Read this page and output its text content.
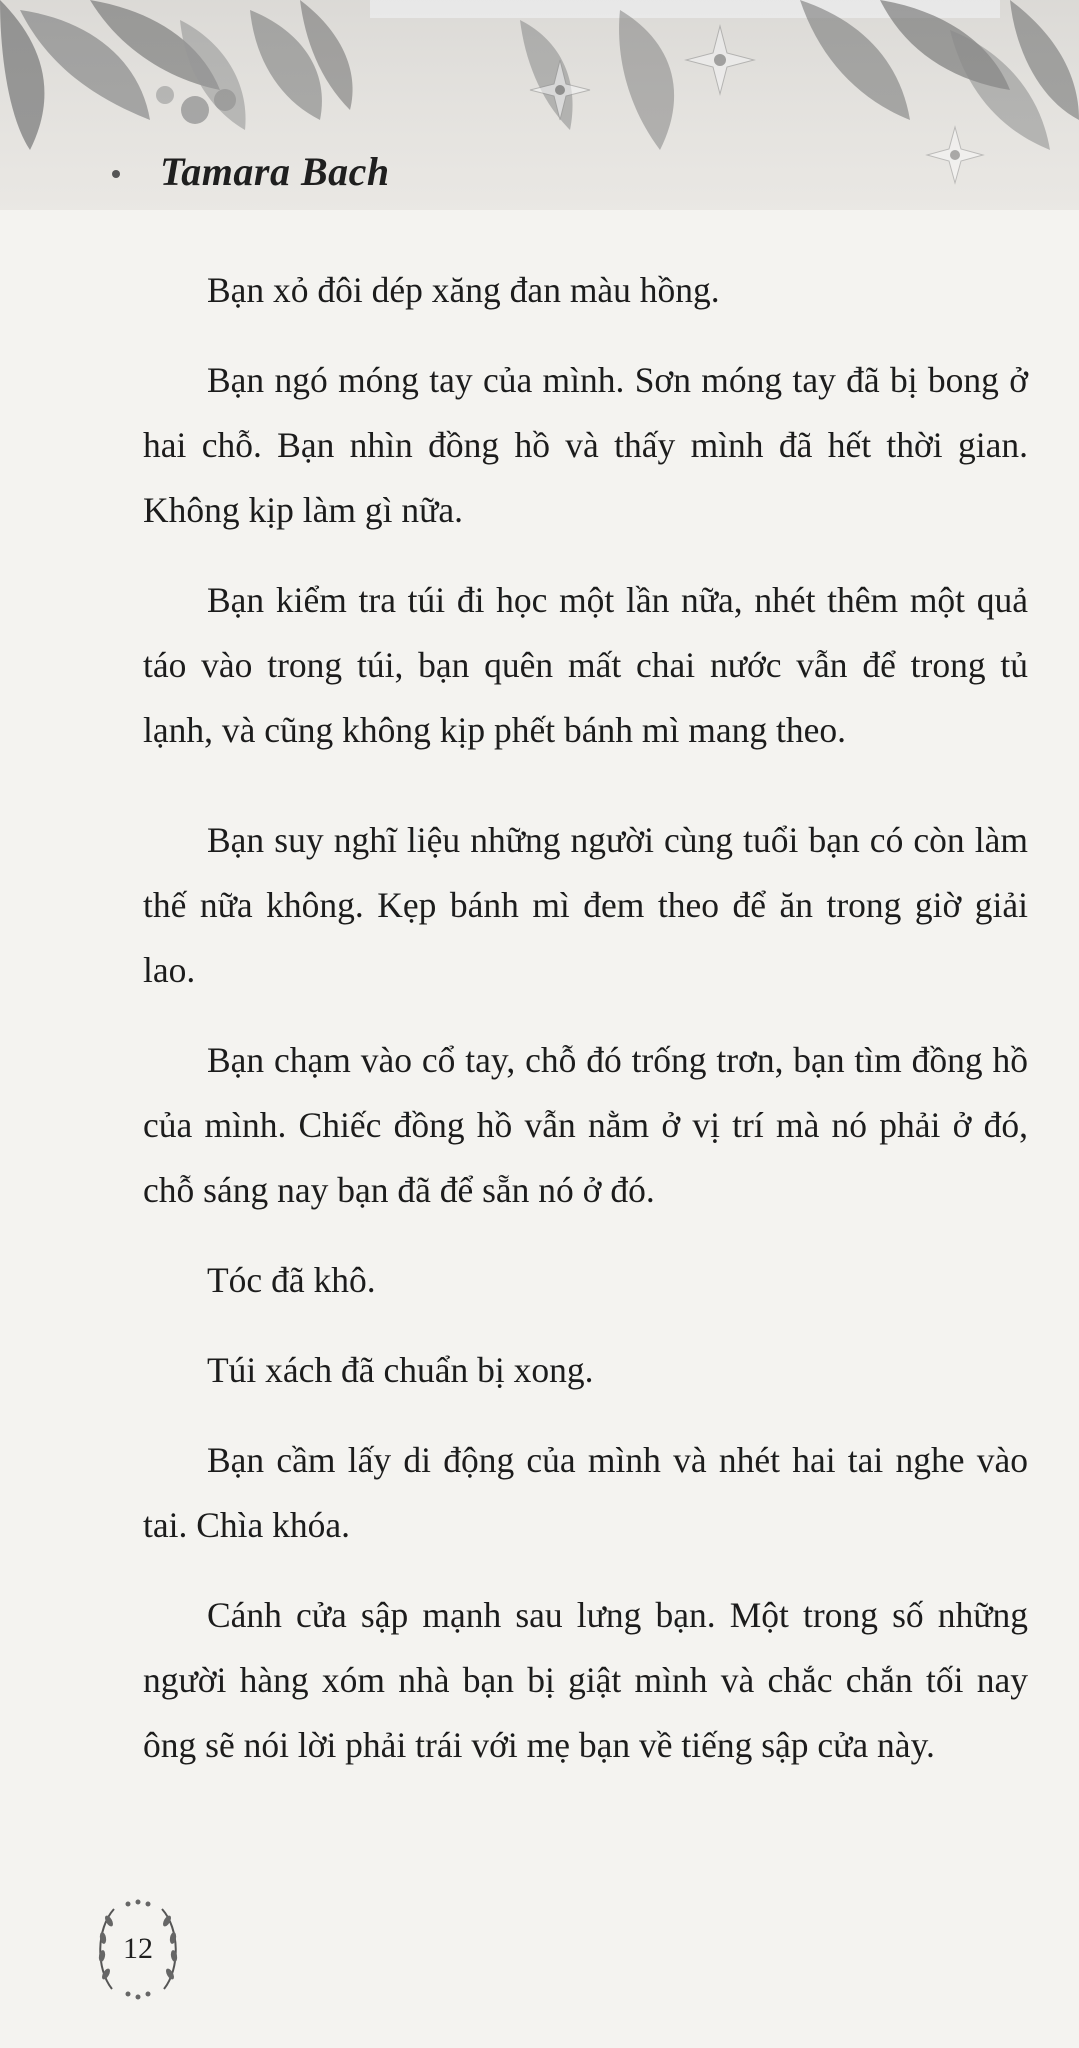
Tamara Bach

Bạn xỏ đôi dép xăng đan màu hồng.

Bạn ngó móng tay của mình. Sơn móng tay đã bị bong ở hai chỗ. Bạn nhìn đồng hồ và thấy mình đã hết thời gian. Không kịp làm gì nữa.

Bạn kiểm tra túi đi học một lần nữa, nhét thêm một quả táo vào trong túi, bạn quên mất chai nước vẫn để trong tủ lạnh, và cũng không kịp phết bánh mì mang theo.

Bạn suy nghĩ liệu những người cùng tuổi bạn có còn làm thế nữa không. Kẹp bánh mì đem theo để ăn trong giờ giải lao.

Bạn chạm vào cổ tay, chỗ đó trống trơn, bạn tìm đồng hồ của mình. Chiếc đồng hồ vẫn nằm ở vị trí mà nó phải ở đó, chỗ sáng nay bạn đã để sẵn nó ở đó.

Tóc đã khô.

Túi xách đã chuẩn bị xong.

Bạn cầm lấy di động của mình và nhét hai tai nghe vào tai. Chìa khóa.

Cánh cửa sập mạnh sau lưng bạn. Một trong số những người hàng xóm nhà bạn bị giật mình và chắc chắn tối nay ông sẽ nói lời phải trái với mẹ bạn về tiếng sập cửa này.

12
